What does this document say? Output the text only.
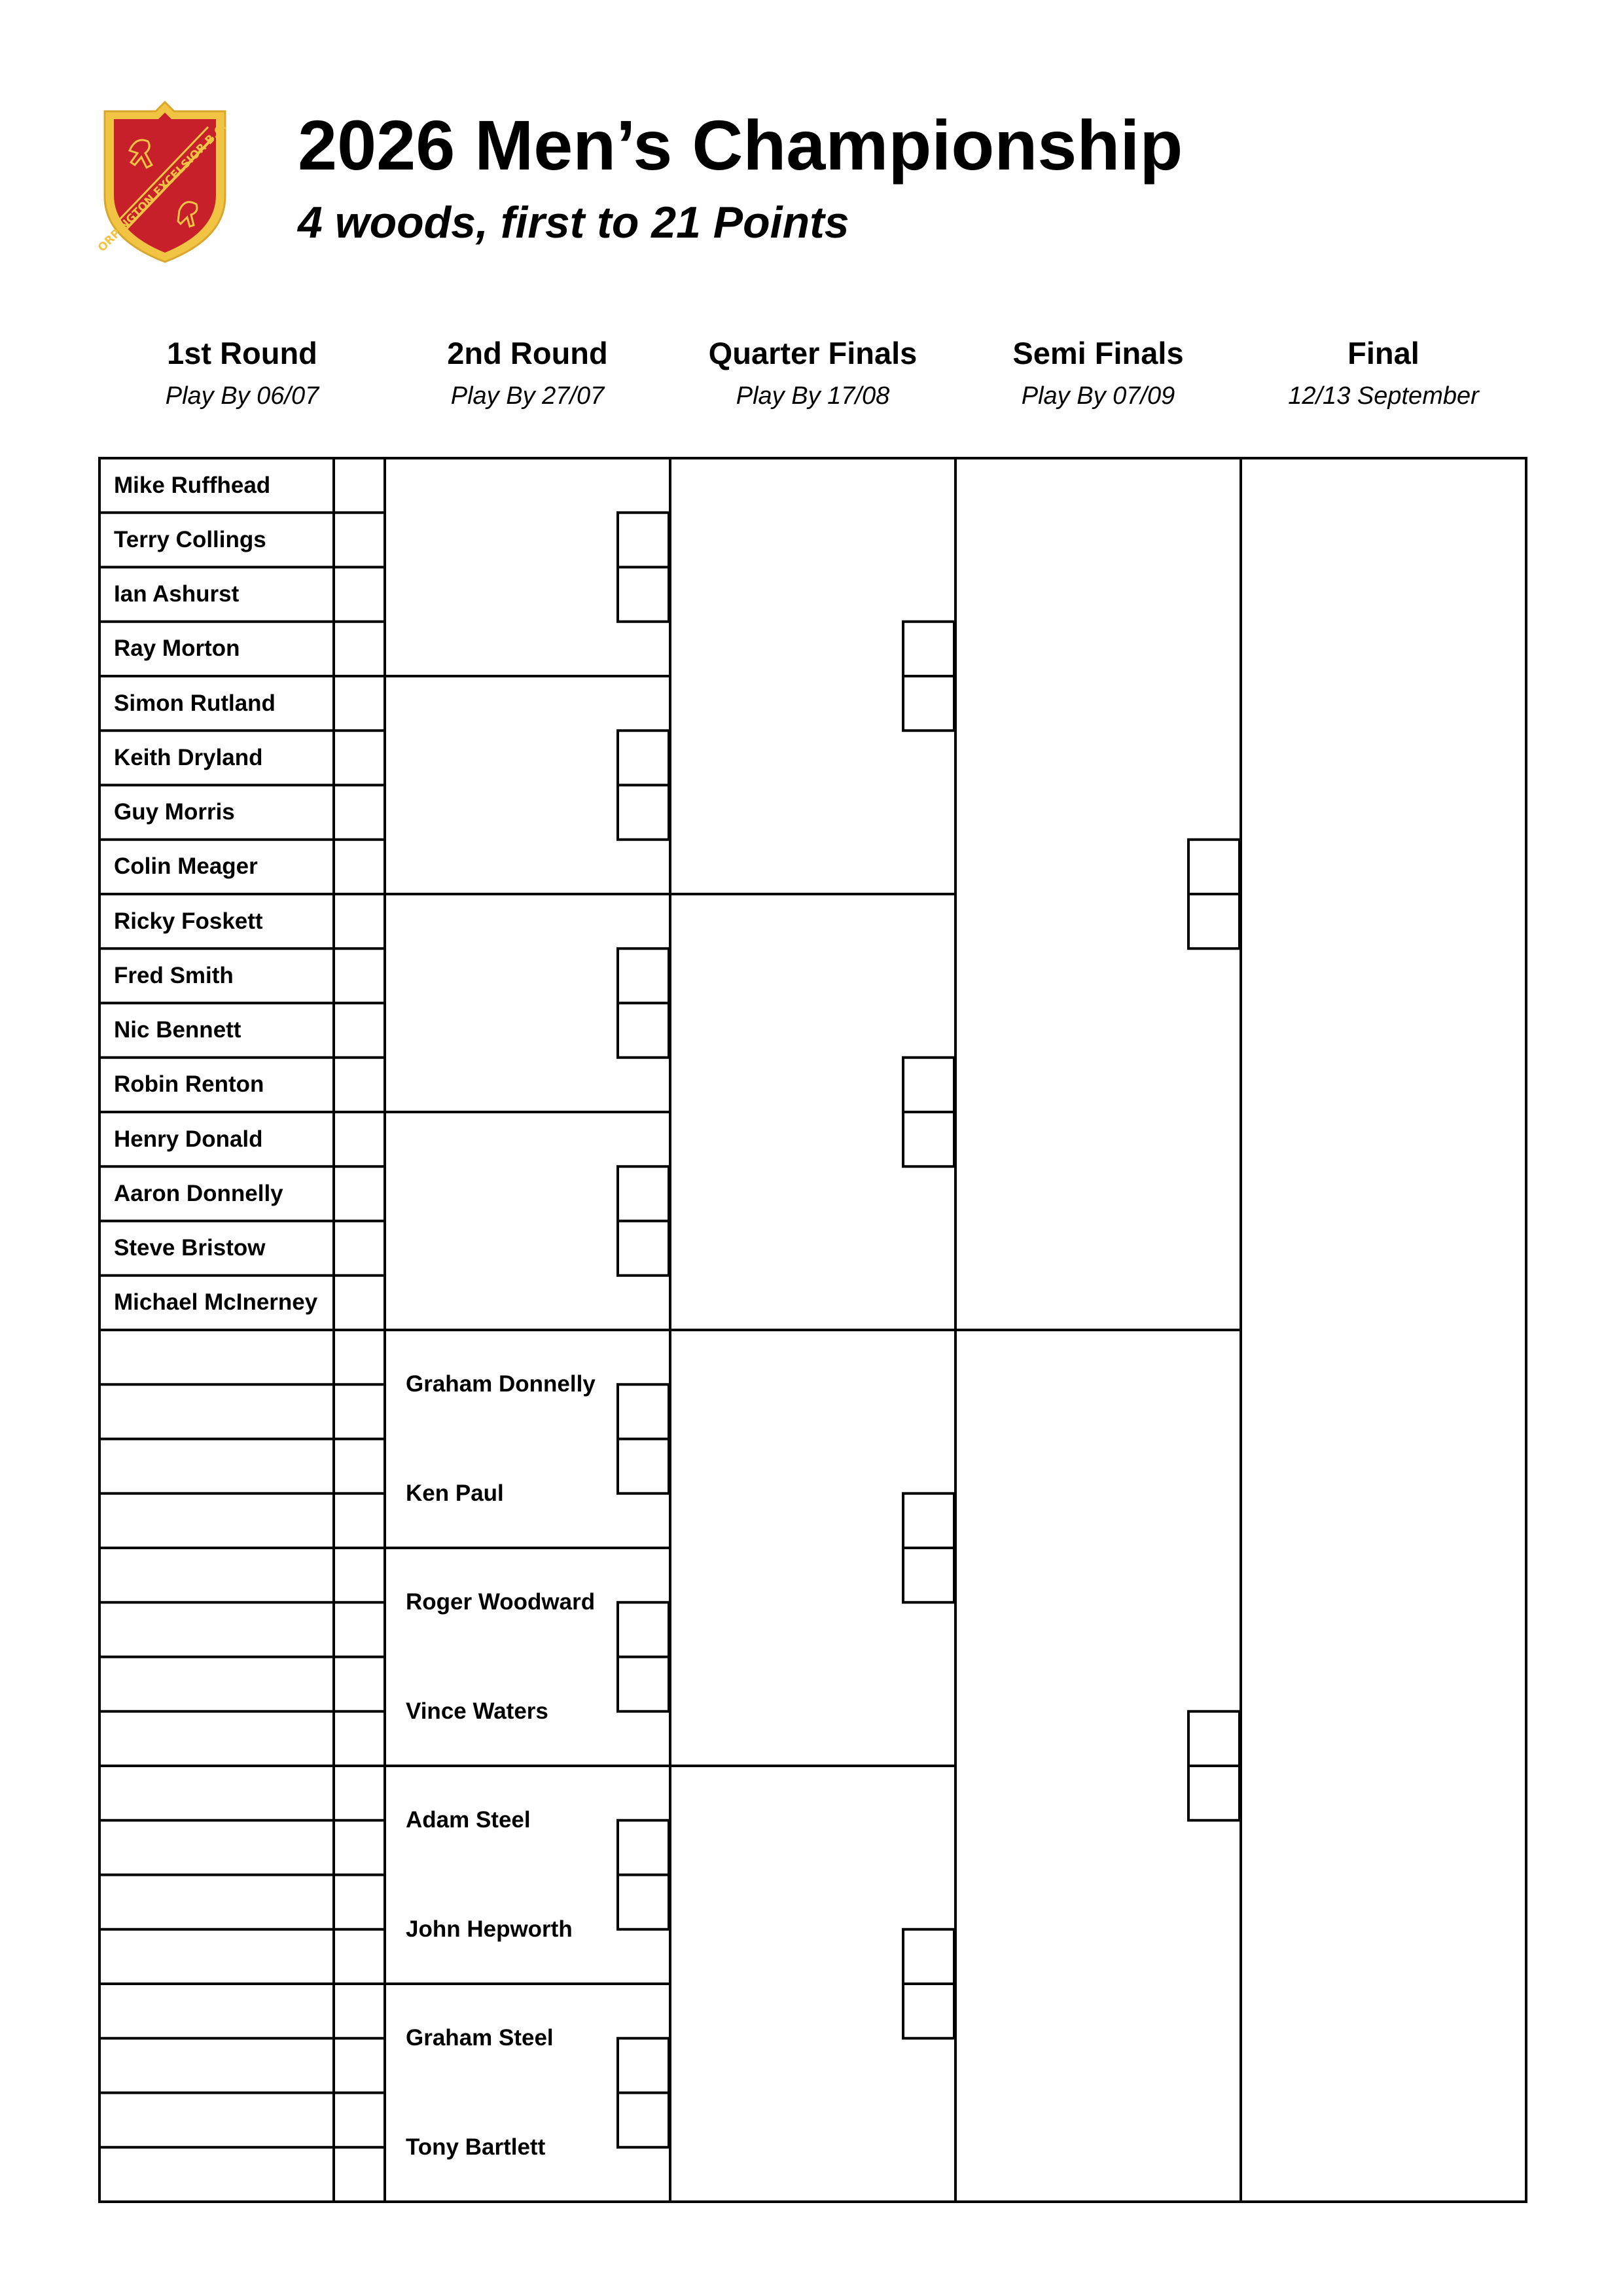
ORPINGTON EXCELSIOR B.C. 2026 Men’s Championship
4 woods, first to 21 Points
1st Round
Play By 06/07
2nd Round
Play By 27/07
Quarter Finals
Play By 17/08
Semi Finals
Play By 07/09
Final
12/13 September
Mike Ruffhead
Terry Collings
Ian Ashurst
Ray Morton
Simon Rutland
Keith Dryland
Guy Morris
Colin Meager
Ricky Foskett
Fred Smith
Nic Bennett
Robin Renton
Henry Donald
Aaron Donnelly
Steve Bristow
Michael McInerney
Graham Donnelly
Ken Paul
Roger Woodward
Vince Waters
Adam Steel
John Hepworth
Graham Steel
Tony Bartlett
